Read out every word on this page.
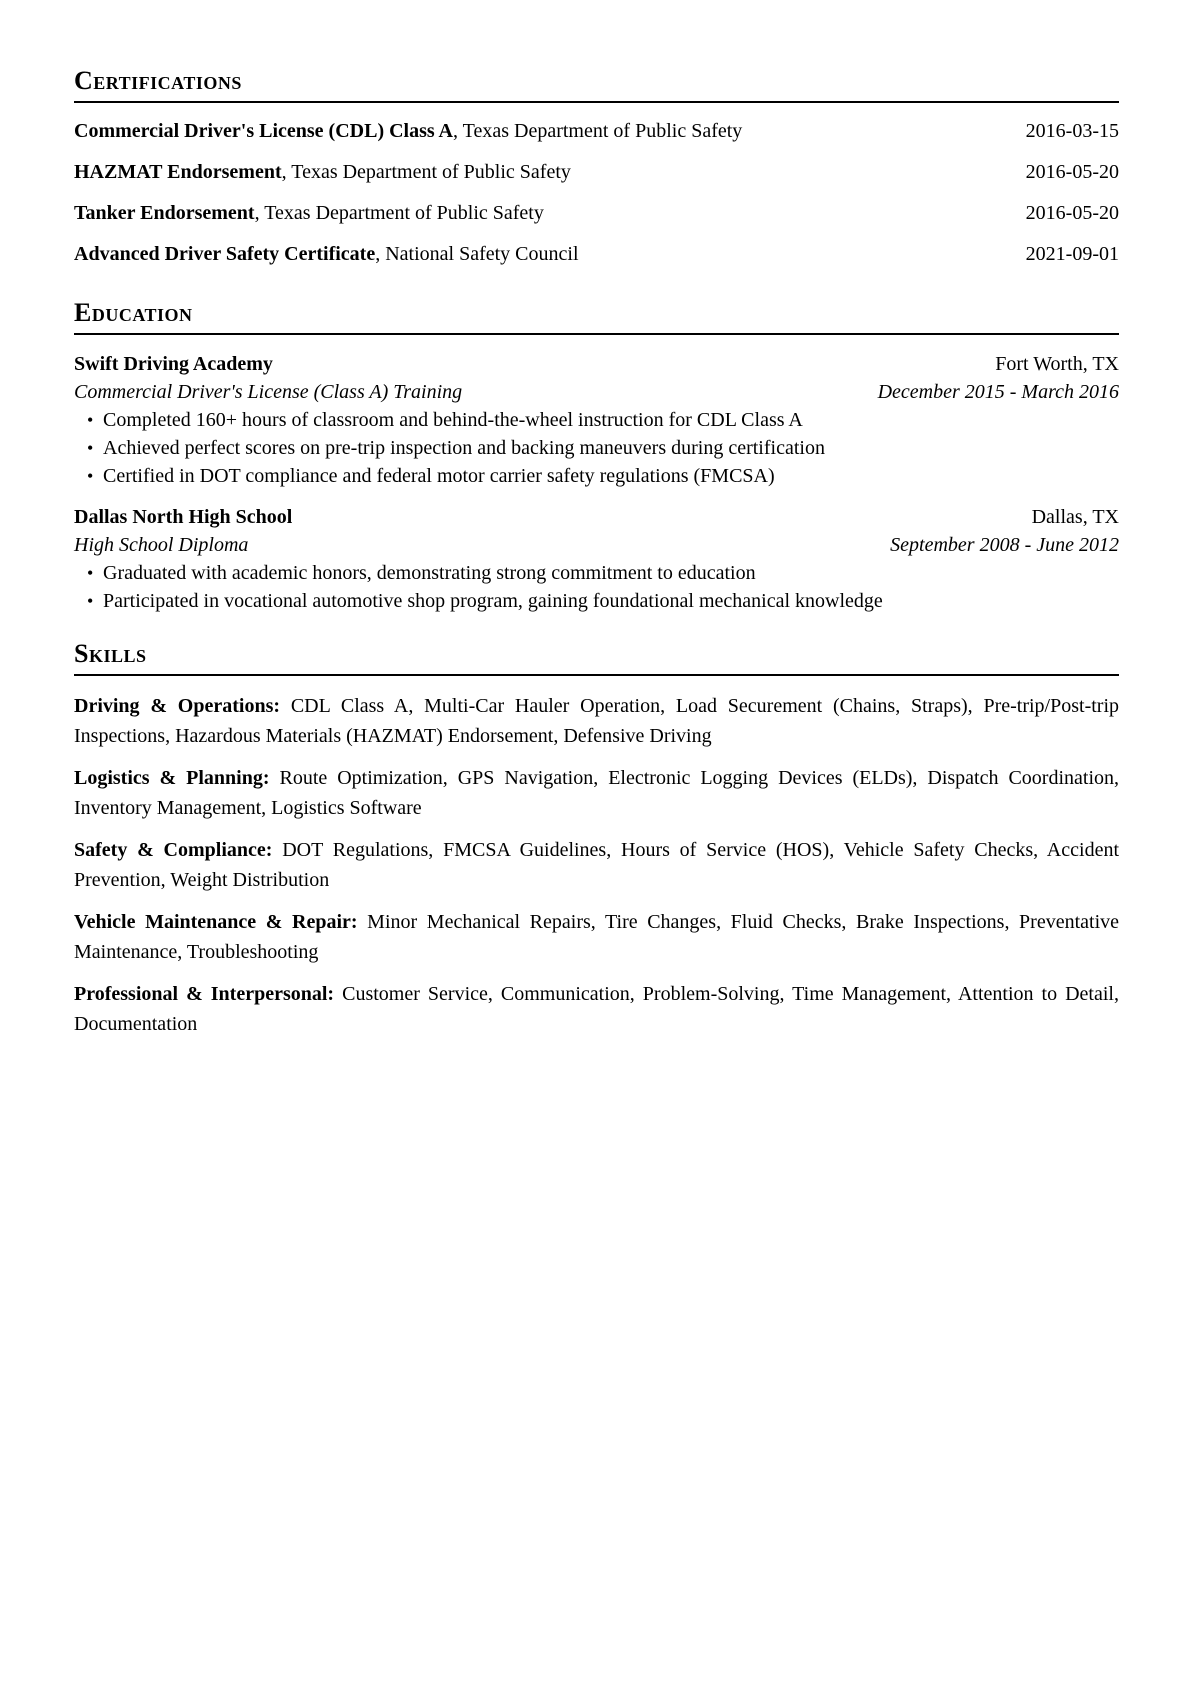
Certifications
Commercial Driver's License (CDL) Class A, Texas Department of Public Safety	2016-03-15
HAZMAT Endorsement, Texas Department of Public Safety	2016-05-20
Tanker Endorsement, Texas Department of Public Safety	2016-05-20
Advanced Driver Safety Certificate, National Safety Council	2021-09-01
Education
Swift Driving Academy	Fort Worth, TX
Commercial Driver's License (Class A) Training	December 2015 - March 2016
• Completed 160+ hours of classroom and behind-the-wheel instruction for CDL Class A
• Achieved perfect scores on pre-trip inspection and backing maneuvers during certification
• Certified in DOT compliance and federal motor carrier safety regulations (FMCSA)
Dallas North High School	Dallas, TX
High School Diploma	September 2008 - June 2012
• Graduated with academic honors, demonstrating strong commitment to education
• Participated in vocational automotive shop program, gaining foundational mechanical knowledge
Skills

Driving & Operations: CDL Class A, Multi-Car Hauler Operation, Load Securement (Chains, Straps), Pre-trip/Post-trip Inspections, Hazardous Materials (HAZMAT) Endorsement, Defensive Driving

Logistics & Planning: Route Optimization, GPS Navigation, Electronic Logging Devices (ELDs), Dispatch Coordination, Inventory Management, Logistics Software

Safety & Compliance: DOT Regulations, FMCSA Guidelines, Hours of Service (HOS), Vehicle Safety Checks, Accident Prevention, Weight Distribution

Vehicle Maintenance & Repair: Minor Mechanical Repairs, Tire Changes, Fluid Checks, Brake Inspections, Preventative Maintenance, Troubleshooting

Professional & Interpersonal: Customer Service, Communication, Problem-Solving, Time Management, Attention to Detail, Documentation
